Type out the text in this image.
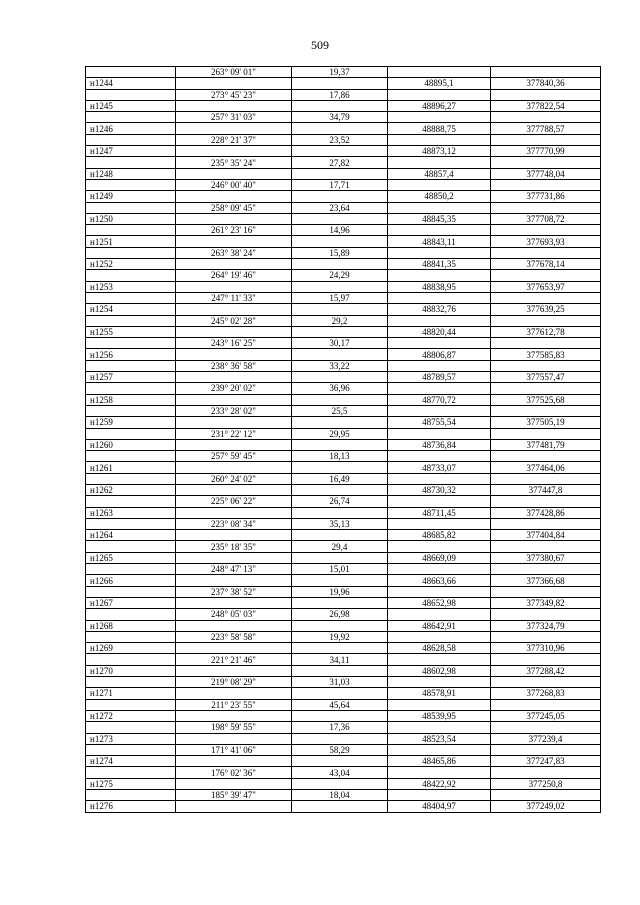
509
	263° 09' 01"	19,37		
н1244			48895,1	377840,36
	273° 45' 23"	17,86		
н1245			48896,27	377822,54
	257° 31' 03"	34,79		
н1246			48888,75	377788,57
	228° 21' 37"	23,52		
н1247			48873,12	377770,99
	235° 35' 24"	27,82		
н1248			48857,4	377748,04
	246° 00' 40"	17,71		
н1249			48850,2	377731,86
	258° 09' 45"	23,64		
н1250			48845,35	377708,72
	261° 23' 16"	14,96		
н1251			48843,11	377693,93
	263° 38' 24"	15,89		
н1252			48841,35	377678,14
	264° 19' 46"	24,29		
н1253			48838,95	377653,97
	247° 11' 33"	15,97		
н1254			48832,76	377639,25
	245° 02' 28"	29,2		
н1255			48820,44	377612,78
	243° 16' 25"	30,17		
н1256			48806,87	377585,83
	238° 36' 58"	33,22		
н1257			48789,57	377557,47
	239° 20' 02"	36,96		
н1258			48770,72	377525,68
	233° 28' 02"	25,5		
н1259			48755,54	377505,19
	231° 22' 12"	29,95		
н1260			48736,84	377481,79
	257° 59' 45"	18,13		
н1261			48733,07	377464,06
	260° 24' 02"	16,49		
н1262			48730,32	377447,8
	225° 06' 22"	26,74		
н1263			48711,45	377428,86
	223° 08' 34"	35,13		
н1264			48685,82	377404,84
	235° 18' 35"	29,4		
н1265			48669,09	377380,67
	248° 47' 13"	15,01		
н1266			48663,66	377366,68
	237° 38' 52"	19,96		
н1267			48652,98	377349,82
	248° 05' 03"	26,98		
н1268			48642,91	377324,79
	223° 58' 58"	19,92		
н1269			48628,58	377310,96
	221° 21' 46"	34,11		
н1270			48602,98	377288,42
	219° 08' 29"	31,03		
н1271			48578,91	377268,83
	211° 23' 55"	45,64		
н1272			48539,95	377245,05
	198° 59' 55"	17,36		
н1273			48523,54	377239,4
	171° 41' 06"	58,29		
н1274			48465,86	377247,83
	176° 02' 36"	43,04		
н1275			48422,92	377250,8
	185° 39' 47"	18,04		
н1276			48404,97	377249,02
